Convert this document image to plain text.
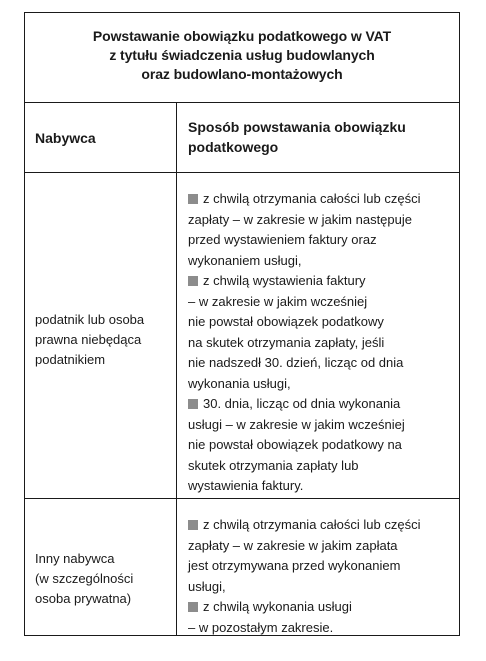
Powstawanie obowiązku podatkowego w VAT
z tytułu świadczenia usług budowlanych
oraz budowlano-montażowych
Nabywca
Sposób powstawania obowiązku
podatkowego
podatnik lub osoba
prawna niebędąca
podatnikiem
z chwilą otrzymania całości lub części
zapłaty – w zakresie w jakim następuje
przed wystawieniem faktury oraz
wykonaniem usługi,
z chwilą wystawienia faktury
– w zakresie w jakim wcześniej
nie powstał obowiązek podatkowy
na skutek otrzymania zapłaty, jeśli
nie nadszedł 30. dzień, licząc od dnia
wykonania usługi,
30. dnia, licząc od dnia wykonania
usługi – w zakresie w jakim wcześniej
nie powstał obowiązek podatkowy na
skutek otrzymania zapłaty lub
wystawienia faktury.
Inny nabywca
(w szczególności
osoba prywatna)
z chwilą otrzymania całości lub części
zapłaty – w zakresie w jakim zapłata
jest otrzymywana przed wykonaniem
usługi,
z chwilą wykonania usługi
– w pozostałym zakresie.
